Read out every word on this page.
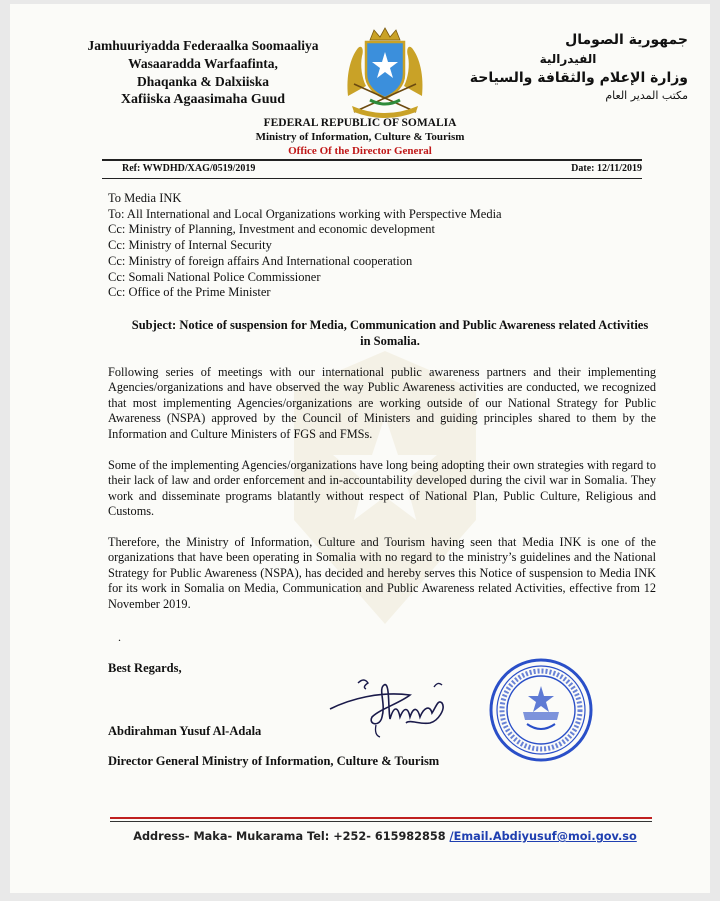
Jamhuuriyadda Federaalka Soomaaliya
Wasaaradda Warfaafinta,
Dhaqanka & Dalxiiska
Xafiiska Agaasimaha Guud
جمهورية الصومال
الفيدرالية
وزارة الإعلام والثقافة والسياحة
مكتب المدير العام
FEDERAL REPUBLIC OF SOMALIA
Ministry of Information, Culture & Tourism
Office Of the Director General
Ref: WWDHD/XAG/0519/2019	Date: 12/11/2019
To Media INK
To: All International and Local Organizations working with Perspective Media
Cc: Ministry of Planning, Investment and economic development
Cc: Ministry of Internal Security
Cc: Ministry of foreign affairs And International cooperation
Cc: Somali National Police Commissioner
Cc: Office of the Prime Minister
Subject: Notice of suspension for Media, Communication and Public Awareness related Activities in Somalia.
Following series of meetings with our international public awareness partners and their implementing Agencies/organizations and have observed the way Public Awareness activities are conducted, we recognized that most implementing Agencies/organizations are working outside of our National Strategy for Public Awareness (NSPA) approved by the Council of Ministers and guiding principles shared to them by the Information and Culture Ministers of FGS and FMSs.
Some of the implementing Agencies/organizations have long being adopting their own strategies with regard to their lack of law and order enforcement and in-accountability developed during the civil war in Somalia. They work and disseminate programs blatantly without respect of National Plan, Public Culture, Religious and Customs.
Therefore, the Ministry of Information, Culture and Tourism having seen that Media INK is one of the organizations that have been operating in Somalia with no regard to the ministry’s guidelines and the National Strategy for Public Awareness (NSPA), has decided and hereby serves this Notice of suspension to Media INK for its work in Somalia on Media, Communication and Public Awareness related Activities, effective from 12 November 2019.
.
Best Regards,
Abdirahman Yusuf Al-Adala
Director General Ministry of Information, Culture & Tourism
Address- Maka- Mukarama Tel: +252- 615982858 /Email.Abdiyusuf@moi.gov.so
